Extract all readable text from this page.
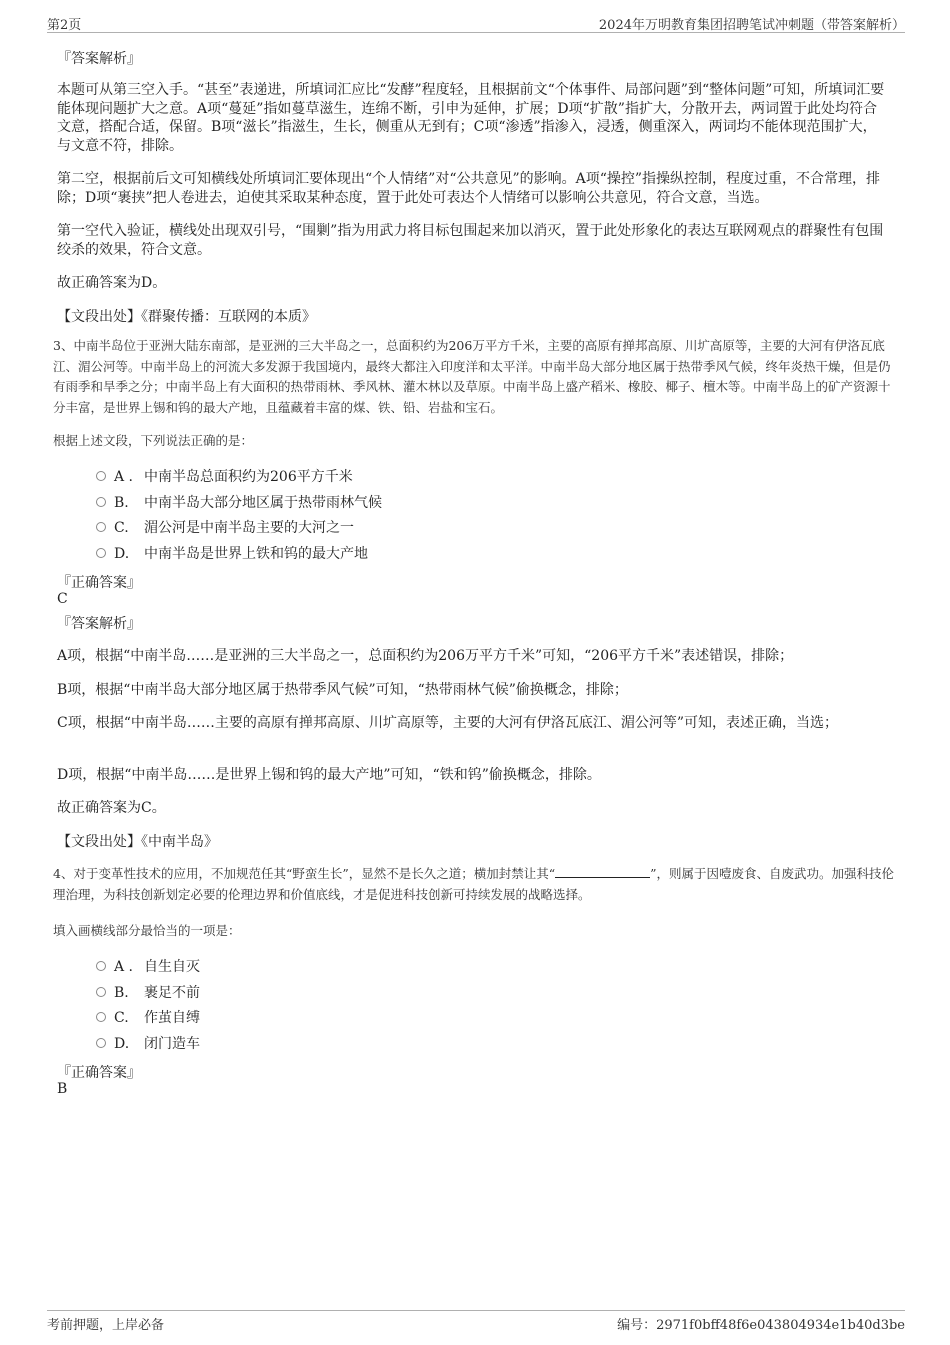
第2页	2024年万明教育集团招聘笔试冲刺题（带答案解析）
『答案解析』
本题可从第三空入手。“甚至”表递进，所填词汇应比“发酵”程度轻，且根据前文“个体事件、局部问题”到“整体问题”可知，所填词汇要能体现问题扩大之意。A项“蔓延”指如蔓草滋生，连绵不断，引申为延伸，扩展；D项“扩散”指扩大，分散开去，两词置于此处均符合文意，搭配合适，保留。B项“滋长”指滋生，生长，侧重从无到有；C项“渗透”指渗入，浸透，侧重深入，两词均不能体现范围扩大，与文意不符，排除。
第二空，根据前后文可知横线处所填词汇要体现出“个人情绪”对“公共意见”的影响。A项“操控”指操纵控制，程度过重，不合常理，排除；D项“裹挟”把人卷进去，迫使其采取某种态度，置于此处可表达个人情绪可以影响公共意见，符合文意，当选。
第一空代入验证，横线处出现双引号，“围剿”指为用武力将目标包围起来加以消灭，置于此处形象化的表达互联网观点的群聚性有包围绞杀的效果，符合文意。
故正确答案为D。
【文段出处】《群聚传播：互联网的本质》
3、中南半岛位于亚洲大陆东南部，是亚洲的三大半岛之一，总面积约为206万平方千米，主要的高原有掸邦高原、川圹高原等，主要的大河有伊洛瓦底江、湄公河等。中南半岛上的河流大多发源于我国境内，最终大都注入印度洋和太平洋。中南半岛大部分地区属于热带季风气候，终年炎热干燥，但是仍有雨季和旱季之分；中南半岛上有大面积的热带雨林、季风林、灌木林以及草原。中南半岛上盛产稻米、橡胶、椰子、檀木等。中南半岛上的矿产资源十分丰富，是世界上锡和钨的最大产地，且蕴藏着丰富的煤、铁、铅、岩盐和宝石。
根据上述文段，下列说法正确的是：
A . 中南半岛总面积约为206平方千米
B. 中南半岛大部分地区属于热带雨林气候
C. 湄公河是中南半岛主要的大河之一
D. 中南半岛是世界上铁和钨的最大产地
『正确答案』
C
『答案解析』
A项，根据“中南半岛……是亚洲的三大半岛之一，总面积约为206万平方千米”可知，“206平方千米”表述错误，排除；
B项，根据“中南半岛大部分地区属于热带季风气候”可知，“热带雨林气候”偷换概念，排除；
C项，根据“中南半岛……主要的高原有掸邦高原、川圹高原等，主要的大河有伊洛瓦底江、湄公河等”可知，表述正确，当选；
D项，根据“中南半岛……是世界上锡和钨的最大产地”可知，“铁和钨”偷换概念，排除。
故正确答案为C。
【文段出处】《中南半岛》
4、对于变革性技术的应用，不加规范任其“野蛮生长”，显然不是长久之道；横加封禁让其“	”，则属于因噎废食、自废武功。加强科技伦理治理，为科技创新划定必要的伦理边界和价值底线，才是促进科技创新可持续发展的战略选择。
填入画横线部分最恰当的一项是：
A . 自生自灭
B. 裹足不前
C. 作茧自缚
D. 闭门造车
『正确答案』
B
考前押题，上岸必备	编号：2971f0bff48f6e043804934e1b40d3be
